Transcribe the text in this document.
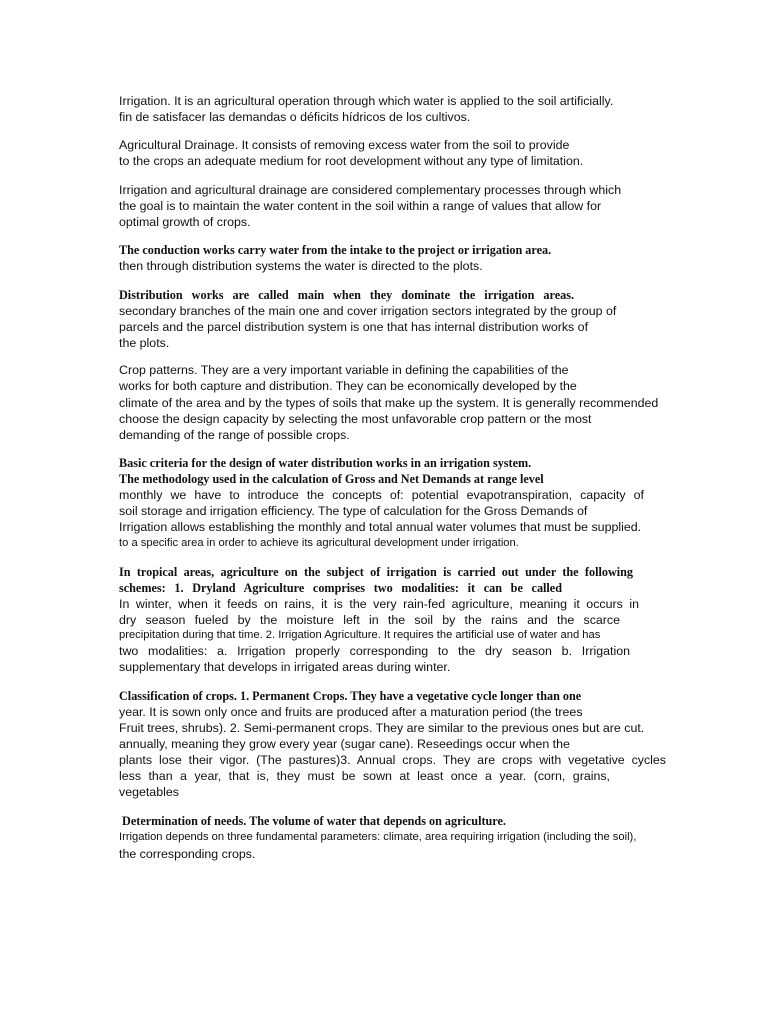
Irrigation. It is an agricultural operation through which water is applied to the soil artificially.
fin de satisfacer las demandas o déficits hídricos de los cultivos.
Agricultural Drainage. It consists of removing excess water from the soil to provide
to the crops an adequate medium for root development without any type of limitation.
Irrigation and agricultural drainage are considered complementary processes through which
the goal is to maintain the water content in the soil within a range of values that allow for
optimal growth of crops.
The conduction works carry water from the intake to the project or irrigation area.
then through distribution systems the water is directed to the plots.
Distribution works are called main when they dominate the irrigation areas.
secondary branches of the main one and cover irrigation sectors integrated by the group of
parcels and the parcel distribution system is one that has internal distribution works of
the plots.
Crop patterns. They are a very important variable in defining the capabilities of the
works for both capture and distribution. They can be economically developed by the
climate of the area and by the types of soils that make up the system. It is generally recommended
choose the design capacity by selecting the most unfavorable crop pattern or the most
demanding of the range of possible crops.
Basic criteria for the design of water distribution works in an irrigation system.
The methodology used in the calculation of Gross and Net Demands at range level
monthly we have to introduce the concepts of: potential evapotranspiration, capacity of
soil storage and irrigation efficiency. The type of calculation for the Gross Demands of
Irrigation allows establishing the monthly and total annual water volumes that must be supplied.
to a specific area in order to achieve its agricultural development under irrigation.
In tropical areas, agriculture on the subject of irrigation is carried out under the following
schemes: 1. Dryland Agriculture comprises two modalities: it can be called
In winter, when it feeds on rains, it is the very rain-fed agriculture, meaning it occurs in
dry season fueled by the moisture left in the soil by the rains and the scarce
precipitation during that time. 2. Irrigation Agriculture. It requires the artificial use of water and has
two modalities: a. Irrigation properly corresponding to the dry season b. Irrigation
supplementary that develops in irrigated areas during winter.
Classification of crops. 1. Permanent Crops. They have a vegetative cycle longer than one
year. It is sown only once and fruits are produced after a maturation period (the trees
Fruit trees, shrubs). 2. Semi-permanent crops. They are similar to the previous ones but are cut.
annually, meaning they grow every year (sugar cane). Reseedings occur when the
plants lose their vigor. (The pastures)3. Annual crops. They are crops with vegetative cycles
less than a year, that is, they must be sown at least once a year. (corn, grains,
vegetables
Determination of needs. The volume of water that depends on agriculture.
Irrigation depends on three fundamental parameters: climate, area requiring irrigation (including the soil),
the corresponding crops.
